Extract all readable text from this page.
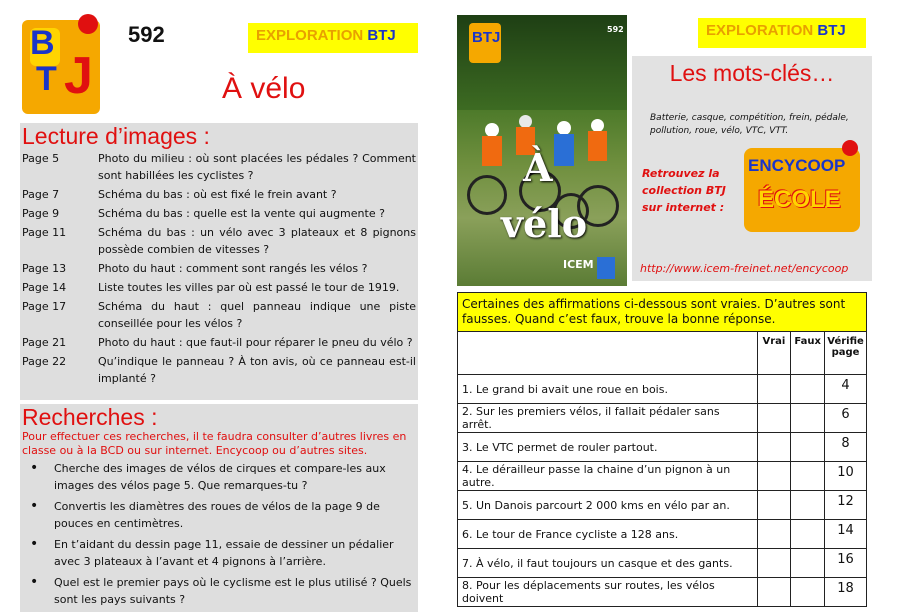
B
T J
592	EXPLORATION BTJ
À vélo
Lecture d’images :
Page 5	Photo du milieu : où sont placées les pédales ? Comment sont habillées les cyclistes ?
Page 7	Schéma du bas : où est fixé le frein avant ?
Page 9	Schéma du bas : quelle est la vente qui augmente ?
Page 11	Schéma du bas : un vélo avec 3 plateaux et 8 pignons possède combien de vitesses ?
Page 13	Photo du haut : comment sont rangés les vélos ?
Page 14	Liste toutes les villes par où est passé le tour de 1919.
Page 17	Schéma du haut : quel panneau indique une piste conseillée pour les vélos ?
Page 21	Photo du haut : que faut-il pour réparer le pneu du vélo ?
Page 22	Qu’indique le panneau ? À ton avis, où ce panneau est-il implanté ?
Recherches :
Pour effectuer ces recherches, il te faudra consulter d’autres livres en classe ou à la BCD ou sur internet. Encycoop ou d’autres sites.
• Cherche des images de vélos de cirques et compare-les aux images des vélos page 5. Que remarques-tu ?
• Convertis les diamètres des roues de vélos de la page 9 de pouces en centimètres.
• En t’aidant du dessin page 11, essaie de dessiner un pédalier avec 3 plateaux à l’avant et 4 pignons à l’arrière.
• Quel est le premier pays où le cyclisme est le plus utilisé ? Quels sont les pays suivants ?
BTJ	592
À
vélo
ICEM
EXPLORATION BTJ
Les mots-clés…
Batterie, casque, compétition, frein, pédale, pollution, roue, vélo, VTC, VTT.
Retrouvez la collection BTJ sur internet :
ENCYCOOP
ÉCOLE
http://www.icem-freinet.net/encycoop
Certaines des affirmations ci-dessous sont vraies. D’autres sont fausses. Quand c’est faux, trouve la bonne réponse.			
	Vrai	Faux	Vérifie page
1. Le grand bi avait une roue en bois.			4
2. Sur les premiers vélos, il fallait pédaler sans arrêt.			6
3. Le VTC permet de rouler partout.			8
4. Le dérailleur passe la chaine d’un pignon à un autre.			10
5. Un Danois parcourt 2 000 kms en vélo par an.			12
6. Le tour de France cycliste a 128 ans.			14
7. À vélo, il faut toujours un casque et des gants.			16
8. Pour les déplacements sur routes, les vélos doivent			18
